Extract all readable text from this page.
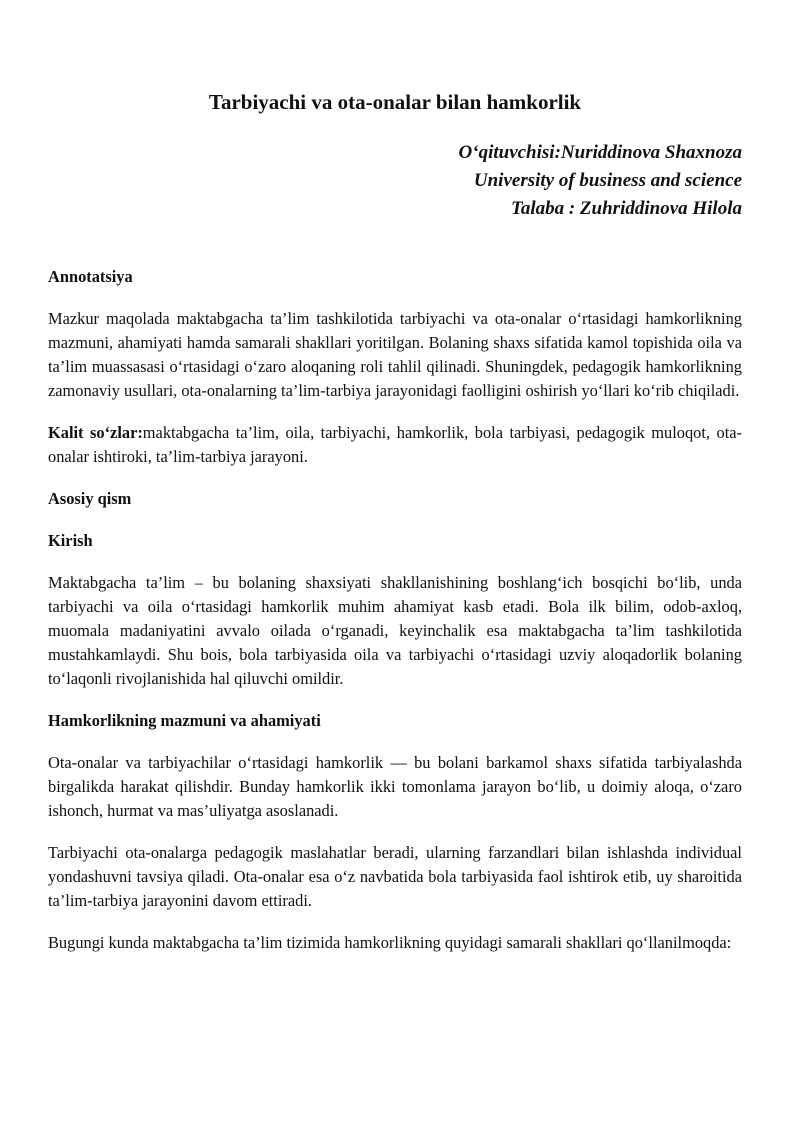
Tarbiyachi va ota-onalar bilan hamkorlik
O‘qituvchisi:Nuriddinova Shaxnoza
University of business and science
Talaba : Zuhriddinova Hilola
Annotatsiya

Mazkur maqolada maktabgacha ta’lim tashkilotida tarbiyachi va ota-onalar o‘rtasidagi hamkorlikning mazmuni, ahamiyati hamda samarali shakllari yoritilgan. Bolaning shaxs sifatida kamol topishida oila va ta’lim muassasasi o‘rtasidagi o‘zaro aloqaning roli tahlil qilinadi. Shuningdek, pedagogik hamkorlikning zamonaviy usullari, ota-onalarning ta’lim-tarbiya jarayonidagi faolligini oshirish yo‘llari ko‘rib chiqiladi.

Kalit so‘zlar:maktabgacha ta’lim, oila, tarbiyachi, hamkorlik, bola tarbiyasi, pedagogik muloqot, ota-onalar ishtiroki, ta’lim-tarbiya jarayoni.

Asosiy qism
Kirish

Maktabgacha ta’lim – bu bolaning shaxsiyati shakllanishining boshlang‘ich bosqichi bo‘lib, unda tarbiyachi va oila o‘rtasidagi hamkorlik muhim ahamiyat kasb etadi. Bola ilk bilim, odob-axloq, muomala madaniyatini avvalo oilada o‘rganadi, keyinchalik esa maktabgacha ta’lim tashkilotida mustahkamlaydi. Shu bois, bola tarbiyasida oila va tarbiyachi o‘rtasidagi uzviy aloqadorlik bolaning to‘laqonli rivojlanishida hal qiluvchi omildir.

Hamkorlikning mazmuni va ahamiyati

Ota-onalar va tarbiyachilar o‘rtasidagi hamkorlik — bu bolani barkamol shaxs sifatida tarbiyalashda birgalikda harakat qilishdir. Bunday hamkorlik ikki tomonlama jarayon bo‘lib, u doimiy aloqa, o‘zaro ishonch, hurmat va mas’uliyatga asoslanadi.

Tarbiyachi ota-onalarga pedagogik maslahatlar beradi, ularning farzandlari bilan ishlashda individual yondashuvni tavsiya qiladi. Ota-onalar esa o‘z navbatida bola tarbiyasida faol ishtirok etib, uy sharoitida ta’lim-tarbiya jarayonini davom ettiradi.

Bugungi kunda maktabgacha ta’lim tizimida hamkorlikning quyidagi samarali shakllari qo‘llanilmoqda:
